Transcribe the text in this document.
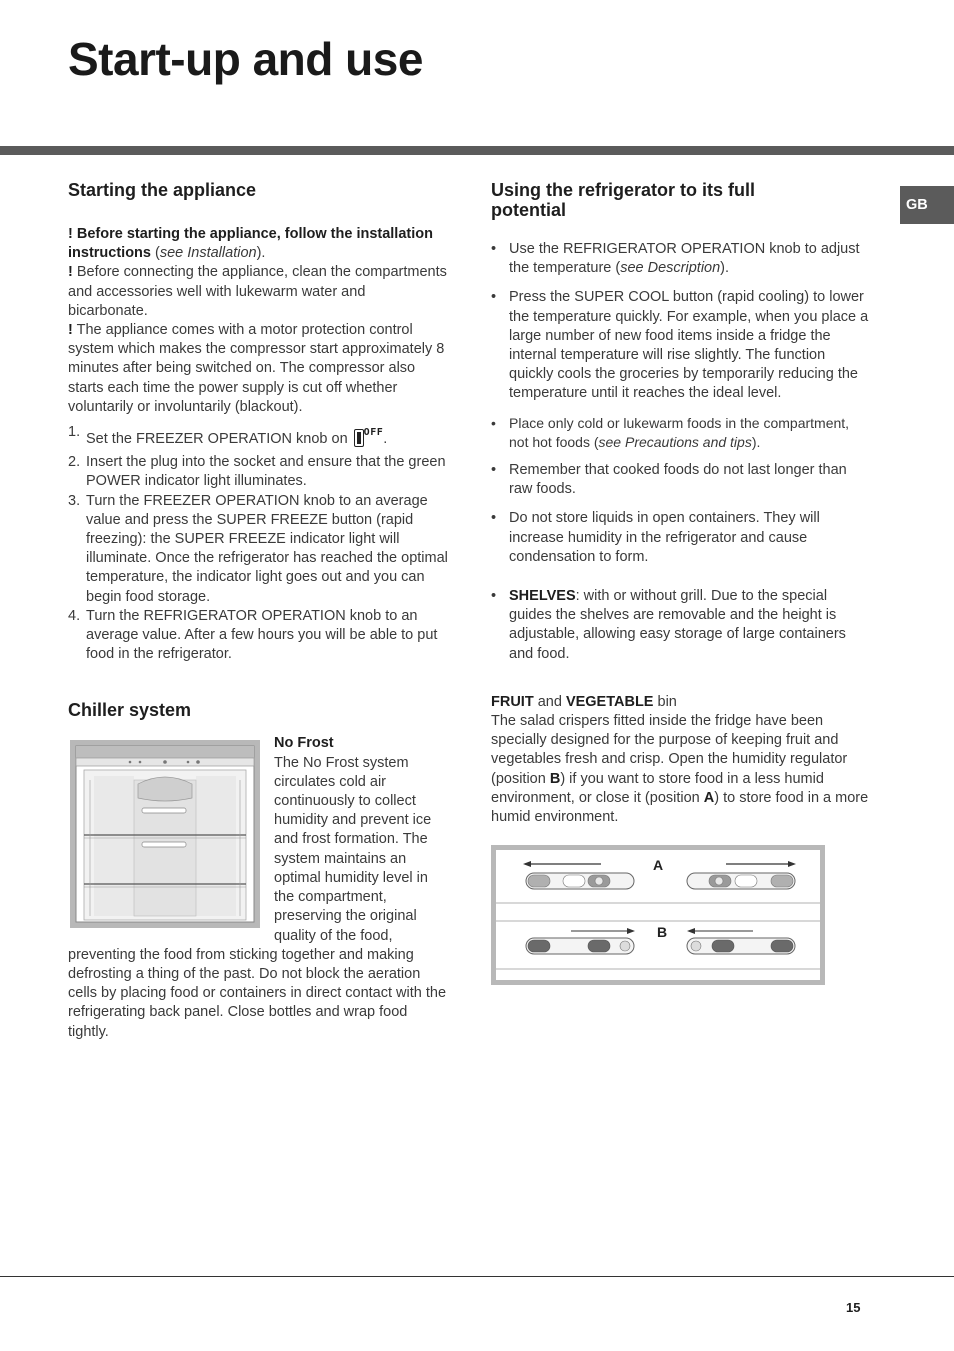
Start-up and use
GB
Starting the appliance

! Before starting the appliance, follow the installation instructions (see Installation).

! Before connecting the appliance, clean the compartments and accessories well with lukewarm water and bicarbonate.

! The appliance comes with a motor protection control system which makes the compressor start approximately 8 minutes after being switched on. The compressor also starts each time the power supply is cut off whether voluntarily or involuntarily (blackout).

1. Set the FREEZER OPERATION knob on $^{OFF}$.
2. Insert the plug into the socket and ensure that the green POWER indicator light illuminates.
3. Turn the FREEZER OPERATION knob to an average value and press the SUPER FREEZE button (rapid freezing): the SUPER FREEZE indicator light will illuminate. Once the refrigerator has reached the optimal temperature, the indicator light goes out and you can begin food storage.
4. Turn the REFRIGERATOR OPERATION knob to an average value. After a few hours you will be able to put food in the refrigerator.
Chiller system

No Frost

The No Frost system circulates cold air continuously to collect humidity and prevent ice and frost formation. The system maintains an optimal humidity level in the compartment, preserving the original quality of the food, preventing the food from sticking together and making defrosting a thing of the past. Do not block the aeration cells by placing food or containers in direct contact with the refrigerating back panel. Close bottles and wrap food tightly.

Using the refrigerator to its full potential
• Use the REFRIGERATOR OPERATION knob to adjust the temperature (see Description).
• Press the SUPER COOL button (rapid cooling) to lower the temperature quickly. For example, when you place a large number of new food items inside a fridge the internal temperature will rise slightly. The function quickly cools the groceries by temporarily reducing the temperature until it reaches the ideal level.
• Place only cold or lukewarm foods in the compartment, not hot foods (see Precautions and tips).
• Remember that cooked foods do not last longer than raw foods.
• Do not store liquids in open containers. They will increase humidity in the refrigerator and cause condensation to form.
• SHELVES: with or without grill. Due to the special guides the shelves are removable and the height is adjustable, allowing easy storage of large containers and food.

FRUIT and VEGETABLE bin

The salad crispers fitted inside the fridge have been specially designed for the purpose of keeping fruit and vegetables fresh and crisp. Open the humidity regulator (position B) if you want to store food in a less humid environment, or close it (position A) to store food in a more humid environment.

A
B
15
